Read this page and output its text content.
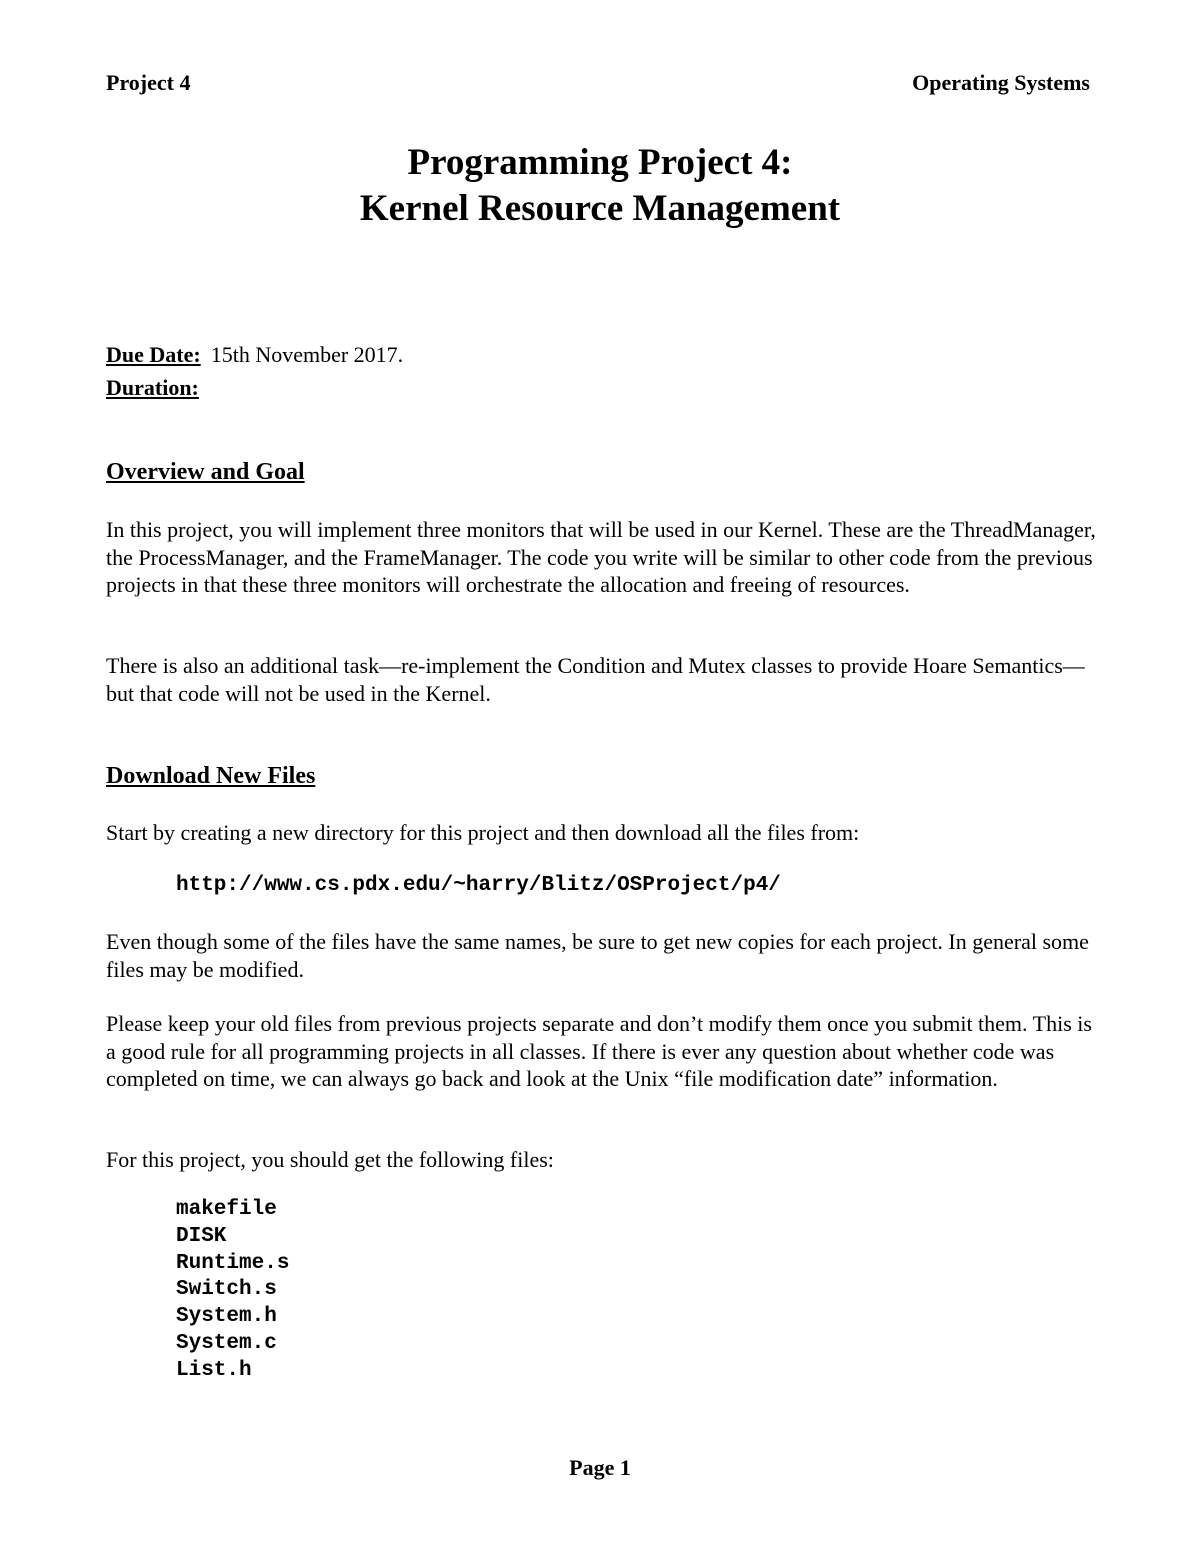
Project 4	Operating Systems
Programming Project 4:
Kernel Resource Management
Due Date: 15th November 2017.
Duration:
Overview and Goal

In this project, you will implement three monitors that will be used in our Kernel. These are the ThreadManager, the ProcessManager, and the FrameManager. The code you write will be similar to other code from the previous projects in that these three monitors will orchestrate the allocation and freeing of resources.

There is also an additional task—re-implement the Condition and Mutex classes to provide Hoare Semantics—but that code will not be used in the Kernel.

Download New Files

Start by creating a new directory for this project and then download all the files from:

http://www.cs.pdx.edu/~harry/Blitz/OSProject/p4/

Even though some of the files have the same names, be sure to get new copies for each project. In general some files may be modified.

Please keep your old files from previous projects separate and don’t modify them once you submit them. This is a good rule for all programming projects in all classes. If there is ever any question about whether code was completed on time, we can always go back and look at the Unix “file modification date” information.

For this project, you should get the following files:

makefile
DISK
Runtime.s
Switch.s
System.h
System.c
List.h
Page 1
